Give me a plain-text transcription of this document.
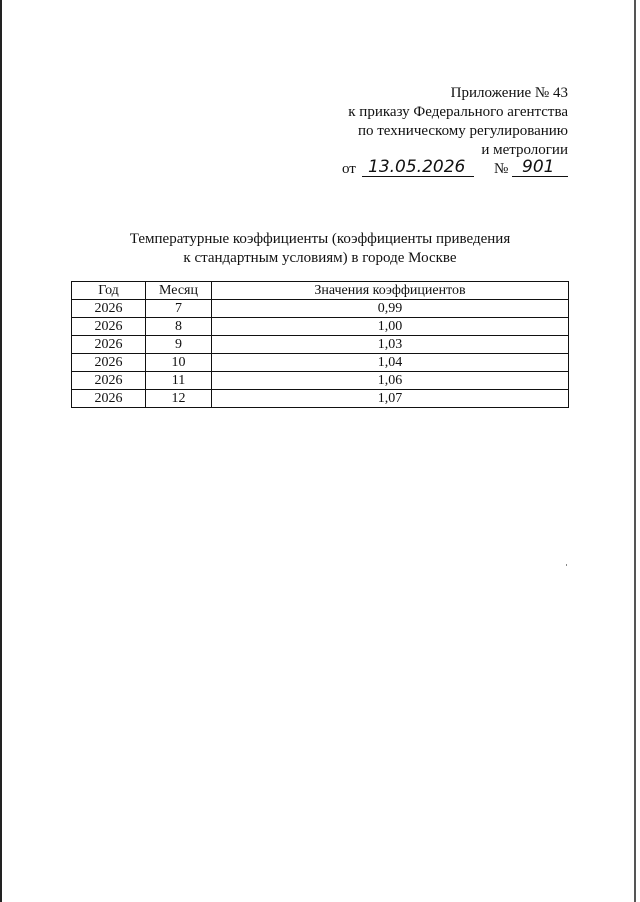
Приложение № 43
к приказу Федерального агентства
по техническому регулированию
и метрологии
от 13.05.2026 № 901
Температурные коэффициенты (коэффициенты приведения
к стандартным условиям) в городе Москве
Год	Месяц	Значения коэффициентов
2026	7	0,99
2026	8	1,00
2026	9	1,03
2026	10	1,04
2026	11	1,06
2026	12	1,07
